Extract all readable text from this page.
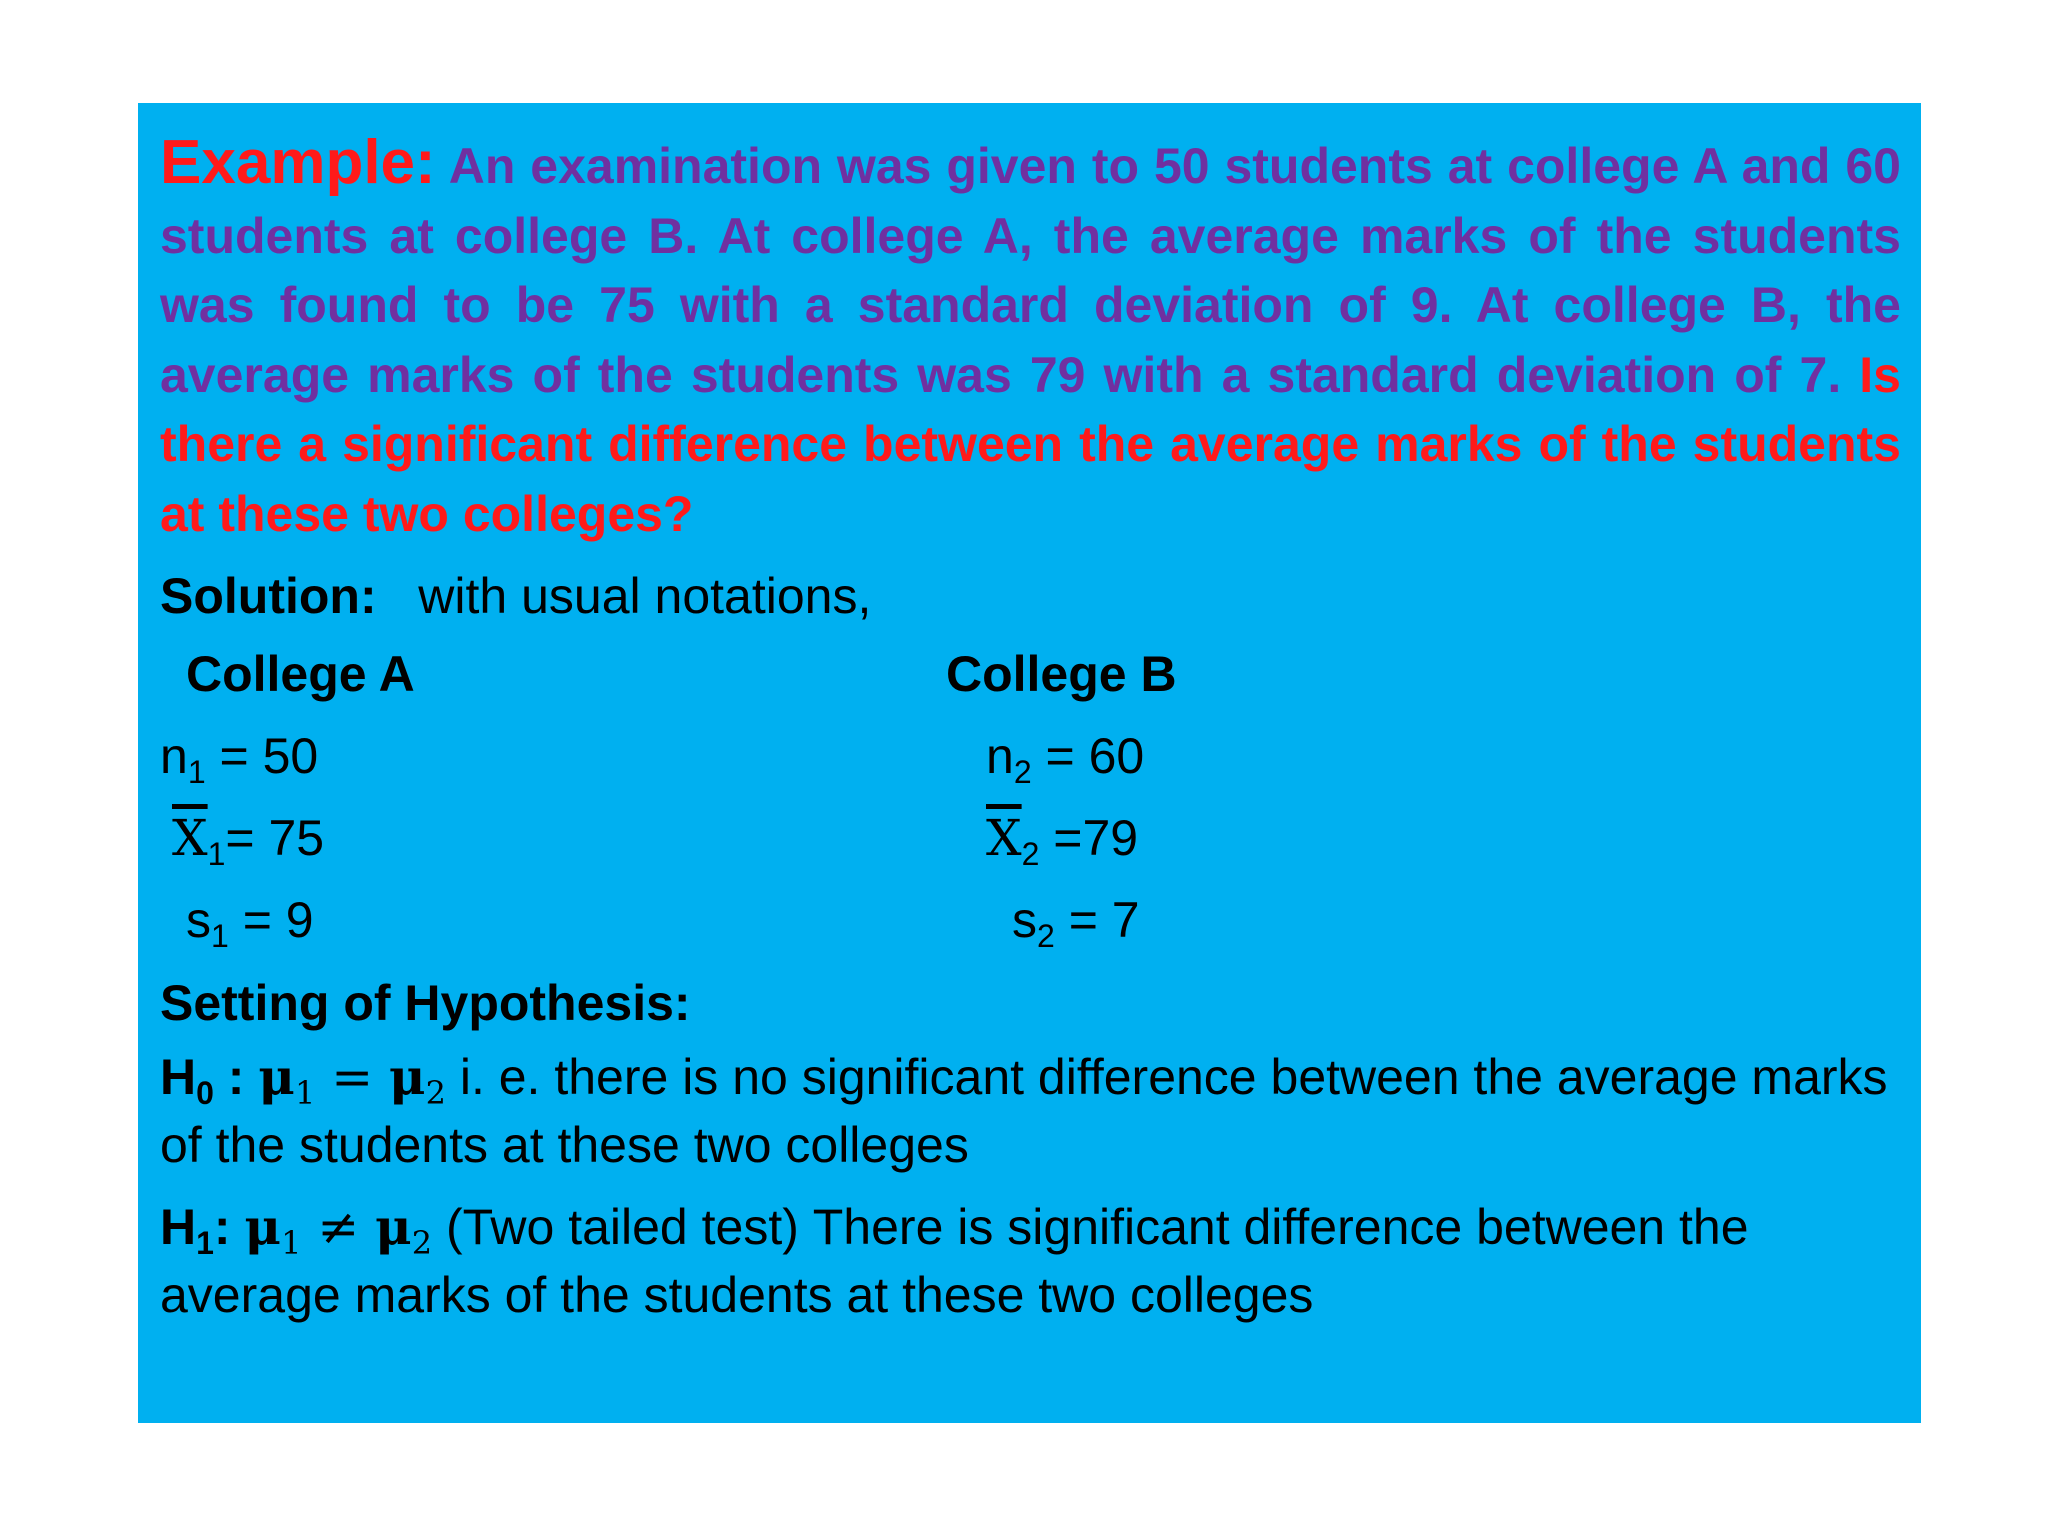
Example: An examination was given to 50 students at college A and 60 students at college B. At college A, the average marks of the students was found to be 75 with a standard deviation of 9. At college B, the average marks of the students was 79 with a standard deviation of 7. Is there a significant difference between the average marks of the students at these two colleges?

Solution: with usual notations,
College A	College B
$n_1 = 50$	$n_2 = 60$
$\overline{X}_1= 75$	$\overline{X}_2 =79$
$s_1 = 9$	$s_2 = 7$
Setting of Hypothesis:
$H_0$ : $\mu_1 = \mu_2$ i. e. there is no significant difference between the average marks of the students at these two colleges
$H_1$: $\mu_1 \ne \mu_2$ (Two tailed test) There is significant difference between the average marks of the students at these two colleges
